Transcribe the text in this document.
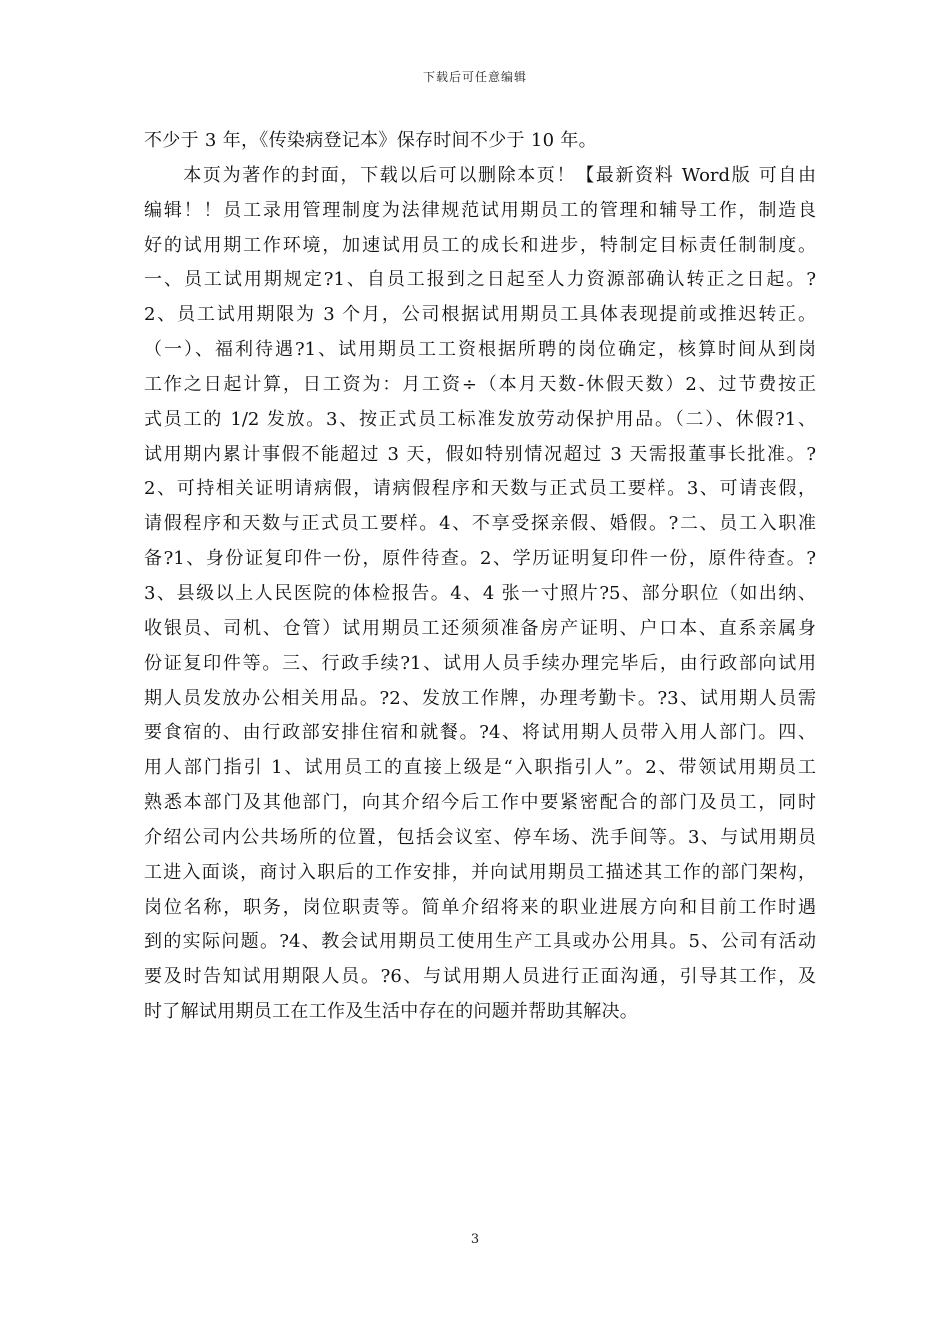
下载后可任意编辑
不少于 3 年，《传染病登记本》保存时间不少于 10 年。
　　本页为著作的封面，下载以后可以删除本页！【最新资料 Word版 可自由
编辑！！员工录用管理制度为法律规范试用期员工的管理和辅导工作，制造良
好的试用期工作环境，加速试用员工的成长和进步，特制定目标责任制制度。
一、员工试用期规定?1、自员工报到之日起至人力资源部确认转正之日起。?
2、员工试用期限为 3 个月，公司根据试用期员工具体表现提前或推迟转正。
（一）、福利待遇?1、试用期员工工资根据所聘的岗位确定，核算时间从到岗
工作之日起计算，日工资为：月工资÷（本月天数-休假天数）2、过节费按正
式员工的 1/2 发放。3、按正式员工标准发放劳动保护用品。（二）、休假?1、
试用期内累计事假不能超过 3 天，假如特别情况超过 3 天需报董事长批准。?
2、可持相关证明请病假，请病假程序和天数与正式员工要样。3、可请丧假，
请假程序和天数与正式员工要样。4、不享受探亲假、婚假。?二、员工入职准
备?1、身份证复印件一份，原件待查。2、学历证明复印件一份，原件待查。?
3、县级以上人民医院的体检报告。4、4 张一寸照片?5、部分职位（如出纳、
收银员、司机、仓管）试用期员工还须须准备房产证明、户口本、直系亲属身
份证复印件等。三、行政手续?1、试用人员手续办理完毕后，由行政部向试用
期人员发放办公相关用品。?2、发放工作牌，办理考勤卡。?3、试用期人员需
要食宿的、由行政部安排住宿和就餐。?4、将试用期人员带入用人部门。四、
用人部门指引 1、试用员工的直接上级是“入职指引人”。2、带领试用期员工
熟悉本部门及其他部门，向其介绍今后工作中要紧密配合的部门及员工，同时
介绍公司内公共场所的位置，包括会议室、停车场、洗手间等。3、与试用期员
工进入面谈，商讨入职后的工作安排，并向试用期员工描述其工作的部门架构，
岗位名称，职务，岗位职责等。简单介绍将来的职业进展方向和目前工作时遇
到的实际问题。?4、教会试用期员工使用生产工具或办公用具。5、公司有活动
要及时告知试用期限人员。?6、与试用期人员进行正面沟通，引导其工作，及
时了解试用期员工在工作及生活中存在的问题并帮助其解决。
3
